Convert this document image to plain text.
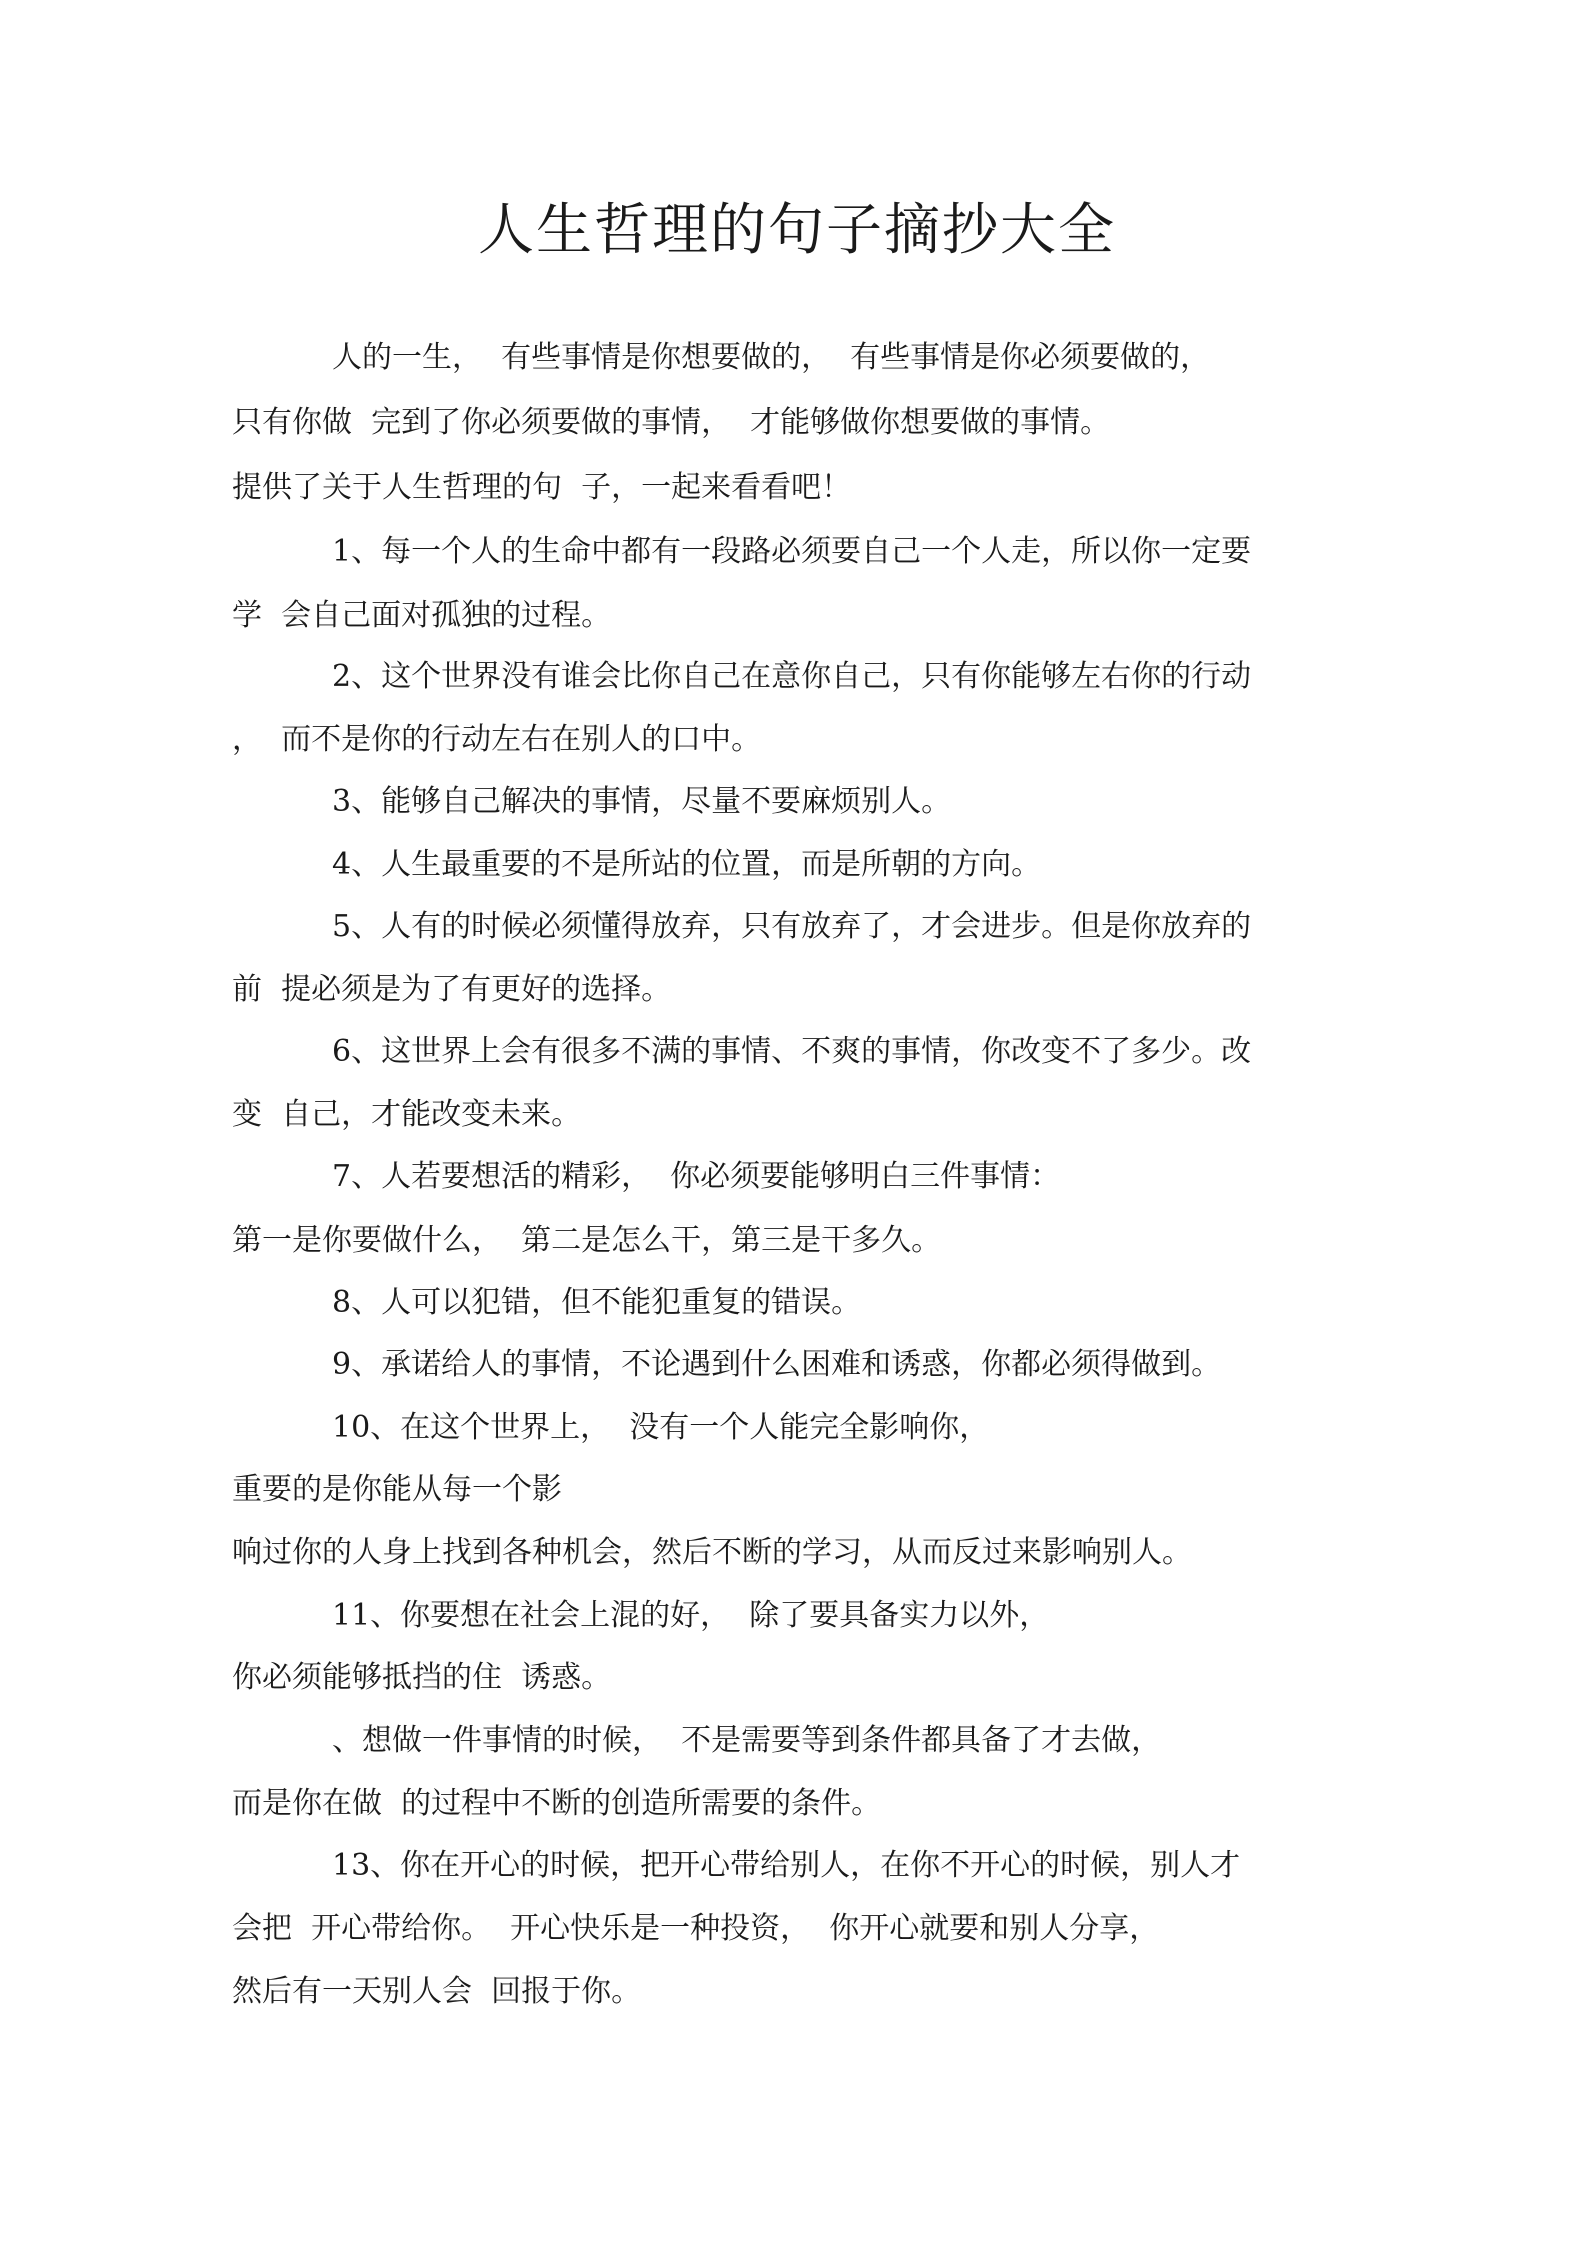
人生哲理的句子摘抄大全

人的一生，  有些事情是你想要做的，  有些事情是你必须要做的，

只有你做  完到了你必须要做的事情，  才能够做你想要做的事情。

提供了关于人生哲理的句  子，一起来看看吧！

1、每一个人的生命中都有一段路必须要自己一个人走，所以你一定要

学  会自己面对孤独的过程。

2、这个世界没有谁会比你自己在意你自己，只有你能够左右你的行动

，  而不是你的行动左右在别人的口中。

3、能够自己解决的事情，尽量不要麻烦别人。

4、人生最重要的不是所站的位置，而是所朝的方向。

5、人有的时候必须懂得放弃，只有放弃了，才会进步。但是你放弃的

前  提必须是为了有更好的选择。

6、这世界上会有很多不满的事情、不爽的事情，你改变不了多少。改

变  自己，才能改变未来。

7、人若要想活的精彩，  你必须要能够明白三件事情：

第一是你要做什么，  第二是怎么干，第三是干多久。

8、人可以犯错，但不能犯重复的错误。

9、承诺给人的事情，不论遇到什么困难和诱惑，你都必须得做到。

10、在这个世界上，  没有一个人能完全影响你，

重要的是你能从每一个影

响过你的人身上找到各种机会，然后不断的学习，从而反过来影响别人。

11、你要想在社会上混的好，  除了要具备实力以外，

你必须能够抵挡的住  诱惑。

、想做一件事情的时候，  不是需要等到条件都具备了才去做，

而是你在做  的过程中不断的创造所需要的条件。

13、你在开心的时候，把开心带给别人，在你不开心的时候，别人才

会把  开心带给你。  开心快乐是一种投资，  你开心就要和别人分享，

然后有一天别人会  回报于你。
